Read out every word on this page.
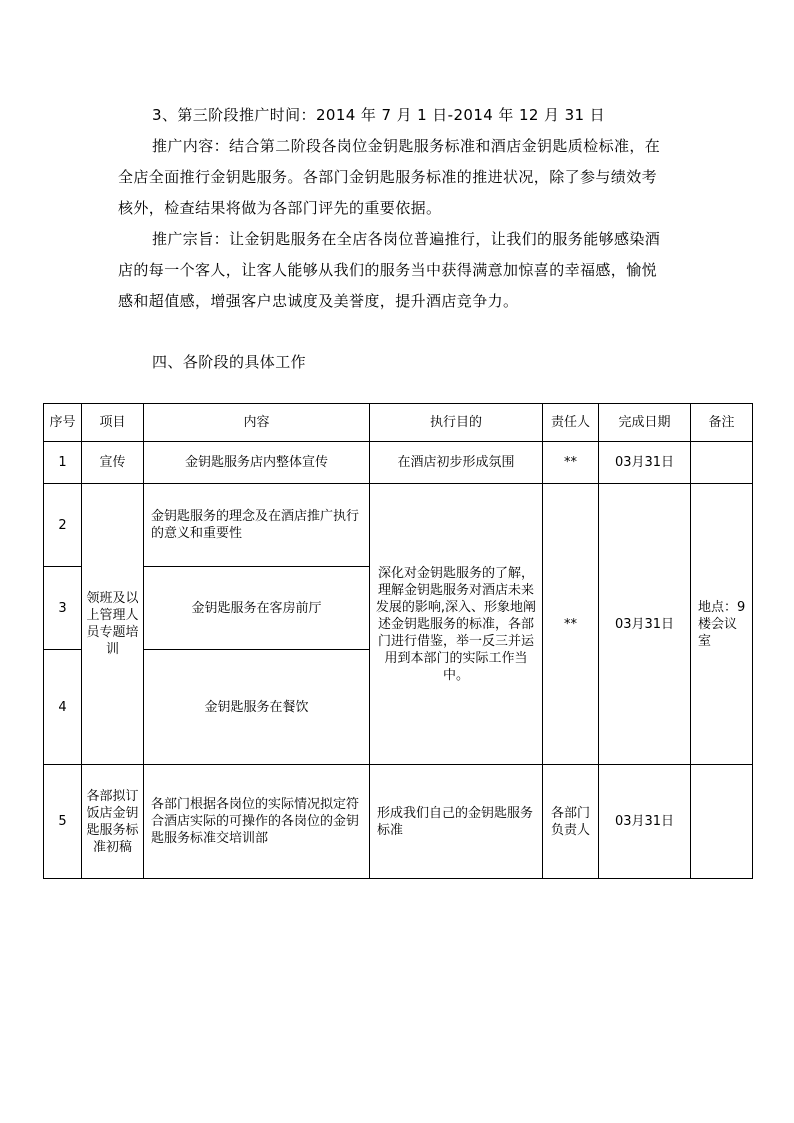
3、第三阶段推广时间：2014 年 7 月 1 日-2014 年 12 月 31 日
推广内容：结合第二阶段各岗位金钥匙服务标准和酒店金钥匙质检标准，在
全店全面推行金钥匙服务。各部门金钥匙服务标准的推进状况，除了参与绩效考
核外，检查结果将做为各部门评先的重要依据。
推广宗旨：让金钥匙服务在全店各岗位普遍推行，让我们的服务能够感染酒
店的每一个客人，让客人能够从我们的服务当中获得满意加惊喜的幸福感，愉悦
感和超值感，增强客户忠诚度及美誉度，提升酒店竞争力。
四、各阶段的具体工作
序号	项目	内容	执行目的	责任人	完成日期	备注
1	宣传	金钥匙服务店内整体宣传	在酒店初步形成氛围	**	03月31日	
2	领班及以上管理人员专题培训	金钥匙服务的理念及在酒店推广执行的意义和重要性	深化对金钥匙服务的了解，理解金钥匙服务对酒店未来发展的影响,深入、形象地阐述金钥匙服务的标准，各部门进行借鉴，举一反三并运用到本部门的实际工作当中。	**	03月31日	地点：9 楼会议室
3		金钥匙服务在客房前厅				
4		金钥匙服务在餐饮				
5	各部拟订饭店金钥匙服务标准初稿	各部门根据各岗位的实际情况拟定符合酒店实际的可操作的各岗位的金钥匙服务标准交培训部	形成我们自己的金钥匙服务标准	各部门负责人	03月31日	
